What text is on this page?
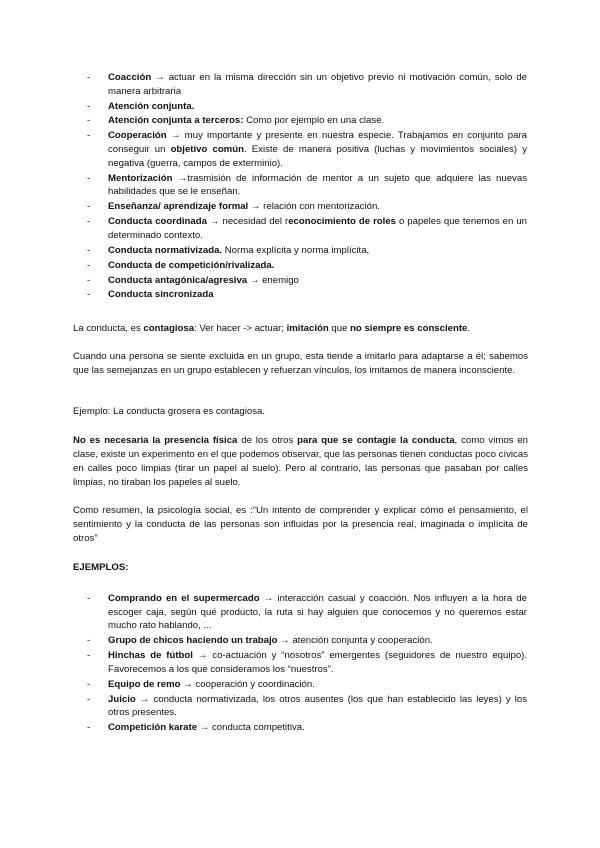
- Coacción → actuar en la misma dirección sin un objetivo previo ni motivación común, solo de manera arbitraria
- Atención conjunta.
- Atención conjunta a terceros: Como por ejemplo en una clase.
- Cooperación → muy importante y presente en nuestra especie. Trabajamos en conjunto para conseguir un objetivo común. Existe de manera positiva (luchas y movimientos sociales) y negativa (guerra, campos de exterminio).
- Mentorización →trasmisión de información de mentor a un sujeto que adquiere las nuevas habilidades que se le enseñan.
- Enseñanza/ aprendizaje formal → relación con mentorización.
- Conducta coordinada → necesidad del reconocimiento de roles o papeles que tenemos en un determinado contexto.
- Conducta normativizada. Norma explícita y norma implícita,
- Conducta de competición/rivalizada.
- Conducta antagónica/agresiva → enemigo
- Conducta sincronizada

La conducta, es contagiosa: Ver hacer -> actuar; imitación que no siempre es consciente.

Cuando una persona se siente excluida en un grupo, esta tiende a imitarlo para adaptarse a él; sabemos que las semejanzas en un grupo establecen y refuerzan vínculos, los imitamos de manera inconsciente.

Ejemplo: La conducta grosera es contagiosa.

No es necesaria la presencia física de los otros para que se contagie la conducta, como vimos en clase, existe un experimento en el que podemos observar, que las personas tienen conductas poco cívicas en calles poco limpias (tirar un papel al suelo). Pero al contrario, las personas que pasaban por calles limpias, no tiraban los papeles al suelo.

Como resumen, la psicología social, es :“Un intento de comprender y explicar cómo el pensamiento, el sentimiento y la conducta de las personas son influidas por la presencia real, imaginada o implícita de otros”

EJEMPLOS:

- Comprando en el supermercado → interacción casual y coacción. Nos influyen a la hora de escoger caja, según qué producto, la ruta si hay alguien que conocemos y no queremos estar mucho rato hablando, ...
- Grupo de chicos haciendo un trabajo → atención conjunta y cooperación.
- Hinchas de fútbol → co-actuación y “nosotros” emergentes (seguidores de nuestro equipo). Favorecemos a los que consideramos los “nuestros”.
- Equipo de remo → cooperación y coordinación.
- Juicio → conducta normativizada, los otros ausentes (los que han establecido las leyes) y los otros presentes.
- Competición karate → conducta competitiva.
